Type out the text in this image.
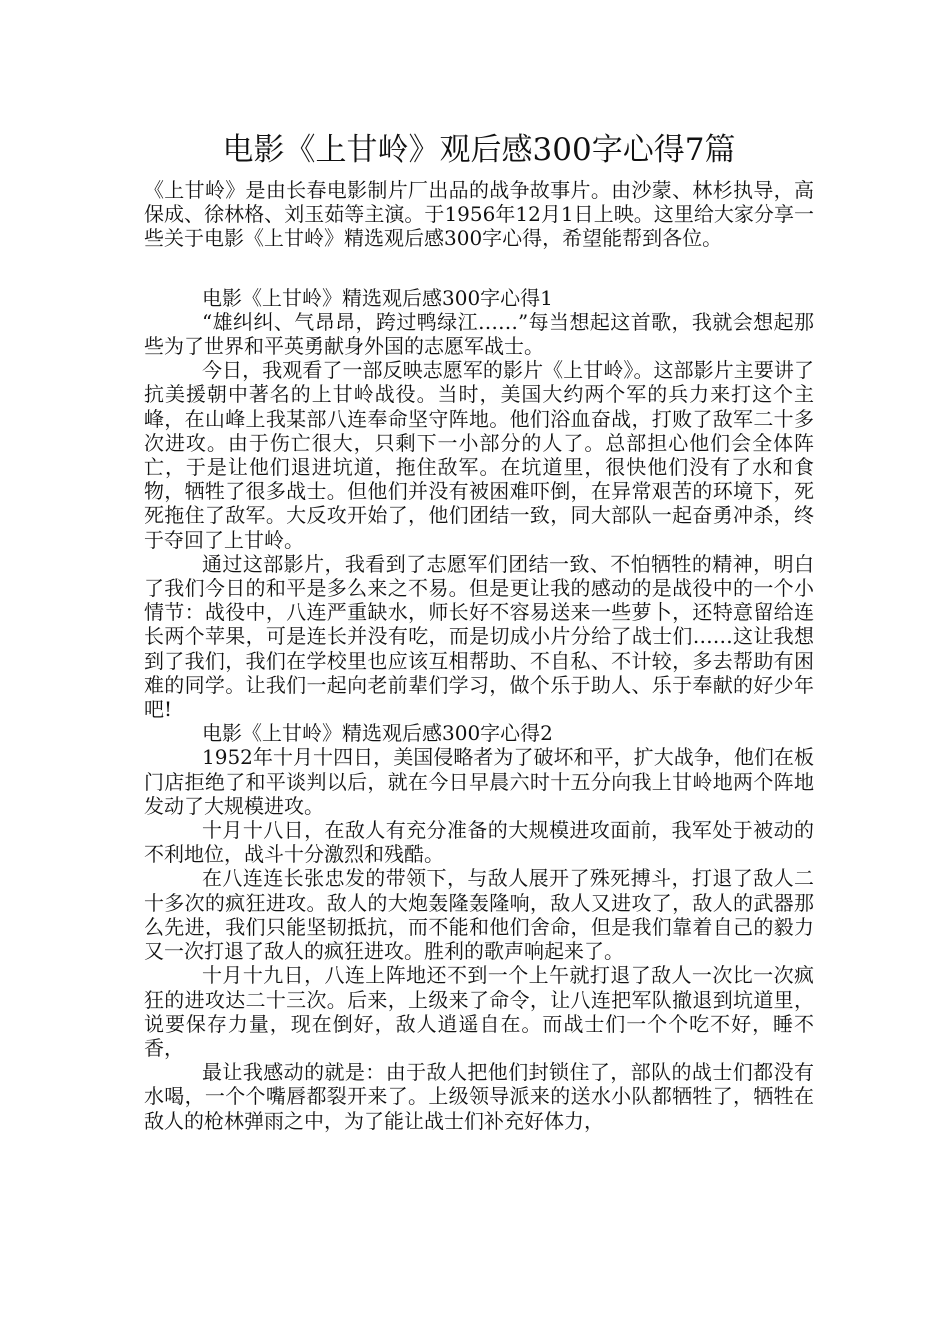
电影《上甘岭》观后感300字心得7篇

《上甘岭》是由长春电影制片厂出品的战争故事片。由沙蒙、林杉执导，高保成、徐林格、刘玉茹等主演。于1956年12月1日上映。这里给大家分享一些关于电影《上甘岭》精选观后感300字心得，希望能帮到各位。

电影《上甘岭》精选观后感300字心得1

“雄纠纠、气昂昂，跨过鸭绿江……”每当想起这首歌，我就会想起那些为了世界和平英勇献身外国的志愿军战士。

今日，我观看了一部反映志愿军的影片《上甘岭》。这部影片主要讲了抗美援朝中著名的上甘岭战役。当时，美国大约两个军的兵力来打这个主峰，在山峰上我某部八连奉命坚守阵地。他们浴血奋战，打败了敌军二十多次进攻。由于伤亡很大，只剩下一小部分的人了。总部担心他们会全体阵亡，于是让他们退进坑道，拖住敌军。在坑道里，很快他们没有了水和食物，牺牲了很多战士。但他们并没有被困难吓倒，在异常艰苦的环境下，死死拖住了敌军。大反攻开始了，他们团结一致，同大部队一起奋勇冲杀，终于夺回了上甘岭。

通过这部影片，我看到了志愿军们团结一致、不怕牺牲的精神，明白了我们今日的和平是多么来之不易。但是更让我的感动的是战役中的一个小情节：战役中，八连严重缺水，师长好不容易送来一些萝卜，还特意留给连长两个苹果，可是连长并没有吃，而是切成小片分给了战士们……这让我想到了我们，我们在学校里也应该互相帮助、不自私、不计较，多去帮助有困难的同学。让我们一起向老前辈们学习，做个乐于助人、乐于奉献的好少年吧!

电影《上甘岭》精选观后感300字心得2

1952年十月十四日，美国侵略者为了破坏和平，扩大战争，他们在板门店拒绝了和平谈判以后，就在今日早晨六时十五分向我上甘岭地两个阵地发动了大规模进攻。

十月十八日，在敌人有充分准备的大规模进攻面前，我军处于被动的不利地位，战斗十分激烈和残酷。

在八连连长张忠发的带领下，与敌人展开了殊死搏斗，打退了敌人二十多次的疯狂进攻。敌人的大炮轰隆轰隆响，敌人又进攻了，敌人的武器那么先进，我们只能坚韧抵抗，而不能和他们舍命，但是我们靠着自己的毅力又一次打退了敌人的疯狂进攻。胜利的歌声响起来了。

十月十九日，八连上阵地还不到一个上午就打退了敌人一次比一次疯狂的进攻达二十三次。后来，上级来了命令，让八连把军队撤退到坑道里，说要保存力量，现在倒好，敌人逍遥自在。而战士们一个个吃不好，睡不香，

最让我感动的就是：由于敌人把他们封锁住了，部队的战士们都没有水喝，一个个嘴唇都裂开来了。上级领导派来的送水小队都牺牲了，牺牲在敌人的枪林弹雨之中，为了能让战士们补充好体力，
